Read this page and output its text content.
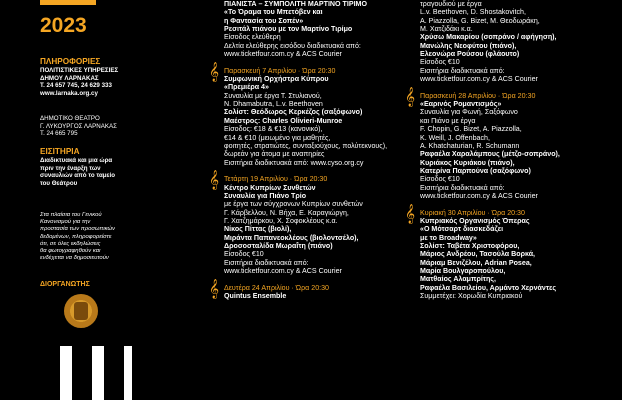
2023
ΠΛΗΡΟΦΟΡΙΕΣ
ΠΟΛΙΤΙΣΤΙΚΕΣ ΥΠΗΡΕΣΙΕΣ
ΔΗΜΟΥ ΛΑΡΝΑΚΑΣ
Τ. 24 657 745, 24 629 333
www.larnaka.org.cy
ΔΗΜΟΤΙΚΟ ΘΕΑΤΡΟ
Γ. ΛΥΚΟΥΡΓΟΣ ΛΑΡΝΑΚΑΣ
Τ. 24 665 795
ΕΙΣΙΤΗΡΙΑ
Διαδικτυακά και μια ώρα
πριν την έναρξη των
συναυλιών από το ταμείο
του Θεάτρου
Στα πλαίσια του Γενικού
Κανονισμού για την
προστασία των προσωπικών
δεδομένων, πληροφορείστε
ότι, σε όλες εκδηλώσεις
θα φωτογραφηθούν και
ενδέχεται να δημοσιευτούν
ΔΙΟΡΓΑΝΩΤΗΣ
ΠΙΑΝΙΣΤΑ – ΣΥΜΠΟΛΙΤΗ ΜΑΡΤΙΝΟ ΤΙΡΙΜΟ
«Το Όραμα του Μπετόβεν και
η Φαντασία του Σοπέν»
Ρεσιτάλ πιάνου με τον Μαρτίνο Τιρίμο
Είσοδος ελεύθερη
Δελτία ελεύθερης εισόδου διαδικτυακά από:
www.ticketfour.com.cy & ACS Courier
Παρασκευή 7 Απριλίου · Ώρα 20:30
𝄞 Συμφωνική Ορχήστρα Κύπρου
«Πρεμιέρα 4»
Συναυλία με έργα Τ. Στυλιανού,
N. Dhamabutra, L.v. Beethoven
Σολίστ: Θεόδωρος Κερκέζος (σαξόφωνο)
Μαέστρος: Charles Olivieri-Munroe
Είσοδος: €18 & €13 (κανονικό),
€14 & €10 (μειωμένο για μαθητές,
φοιτητές, στρατιώτες, συνταξιούχους, πολύτεκνους),
δωρεάν για άτομα με αναπηρίες
Εισιτήρια διαδικτυακά από: www.cyso.org.cy
Τετάρτη 19 Απριλίου · Ώρα 20:30
𝄞 Κέντρο Κυπρίων Συνθετών
Συναυλία για Πιάνο Τρίο
με έργα των σύγχρονων Κυπρίων συνθετών
Γ. Κάρβελλου, Ν. Βήχα, Ε. Καραγιώργη,
Γ. Χατζημάρκου, Χ. Σοφοκλέους κ.α.
Νίκος Πίττας (βιολί),
Μιράντα Παπανεοκλέους (βιολοντσέλο),
Δροσοσταλίδα Μωραΐτη (πιάνο)
Είσοδος €10
Εισιτήρια διαδικτυακά από:
www.ticketfour.com.cy & ACS Courier
Δευτέρα 24 Απριλίου · Ώρα 20:30
𝄞 Quintus Ensemble
τραγουδιού με έργα
L.v. Beethoven, D. Shostakovitch,
A. Piazzolla, G. Bizet, Μ. Θεοδωράκη,
Μ. Χατζιδάκι κ.α.
Χρύσω Μακαρίου (σοπράνο / αφήγηση),
Μανώλης Νεοφύτου (πιάνο),
Ελεονώρα Ρούσου (φλάουτο)
Είσοδος €10
Εισιτήρια διαδικτυακά από:
www.ticketfour.com.cy & ACS Courier
Παρασκευή 28 Απριλίου · Ώρα 20:30
𝄞 «Εαρινός Ρομαντισμός»
Συναυλία για Φωνή, Σαξόφωνο
και Πιάνο με έργα
F. Chopin, G. Bizet, A. Piazzolla,
K. Weill, J. Offenbach,
A. Khatchaturian, R. Schumann
Ραφαέλα Χαραλάμπους (μέτζο-σοπράνο),
Κυριάκος Κυριάκου (πιάνο),
Κατερίνα Παρπούνα (σαξόφωνο)
Είσοδος €10
Εισιτήρια διαδικτυακά από:
www.ticketfour.com.cy & ACS Courier
Κυριακή 30 Απριλίου · Ώρα 20:30
𝄞 Κυπριακός Οργανισμός Όπερας
«Ο Μότσαρτ διασκεδάζει
με το Broadway»
Σολίστ: Ταβέτα Χριστοφόρου,
Μάριος Ανδρέου, Τασούλα Βορκά,
Μάριαμ Βενιζέλου, Adrian Posea,
Μαρία Βουλγαροπούλου,
Ματθαίος Αλαμπρίτης,
Ραφαέλα Βασιλείου, Αρμάντο Χερνάντες
Συμμετέχει: Χορωδία Κυπριακού
